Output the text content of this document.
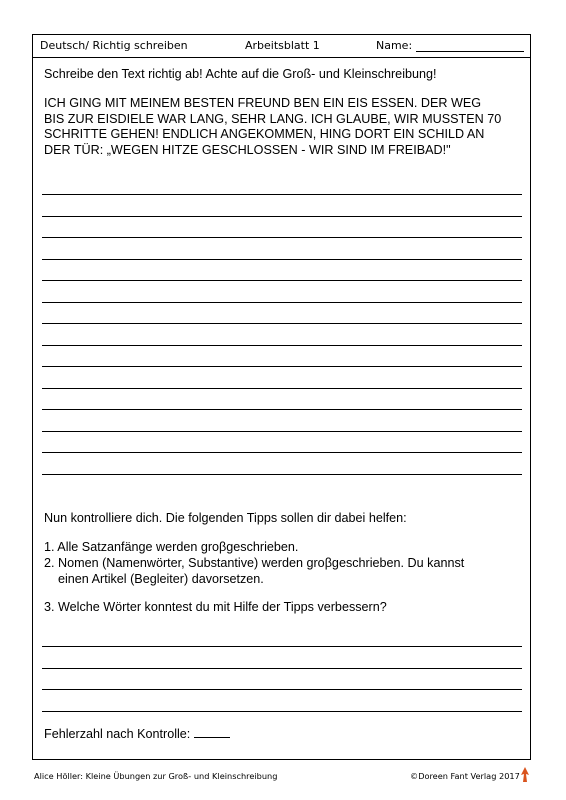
Deutsch/ Richtig schreiben	Arbeitsblatt 1	Name:
Schreibe den Text richtig ab! Achte auf die Groß- und Kleinschreibung!
ICH GING MIT MEINEM BESTEN FREUND BEN EIN EIS ESSEN. DER WEG
BIS ZUR EISDIELE WAR LANG, SEHR LANG. ICH GLAUBE, WIR MUSSTEN 70
SCHRITTE GEHEN! ENDLICH ANGEKOMMEN, HING DORT EIN SCHILD AN
DER TÜR: „WEGEN HITZE GESCHLOSSEN - WIR SIND IM FREIBAD!"
Nun kontrolliere dich. Die folgenden Tipps sollen dir dabei helfen:
1. Alle Satzanfänge werden groβgeschrieben.
2. Nomen (Namenwörter, Substantive) werden groβgeschrieben. Du kannst
einen Artikel (Begleiter) davorsetzen.
3. Welche Wörter konntest du mit Hilfe der Tipps verbessern?
Fehlerzahl nach Kontrolle:
Alice Höller: Kleine Übungen zur Groß- und Kleinschreibung	©Doreen Fant Verlag 2017
